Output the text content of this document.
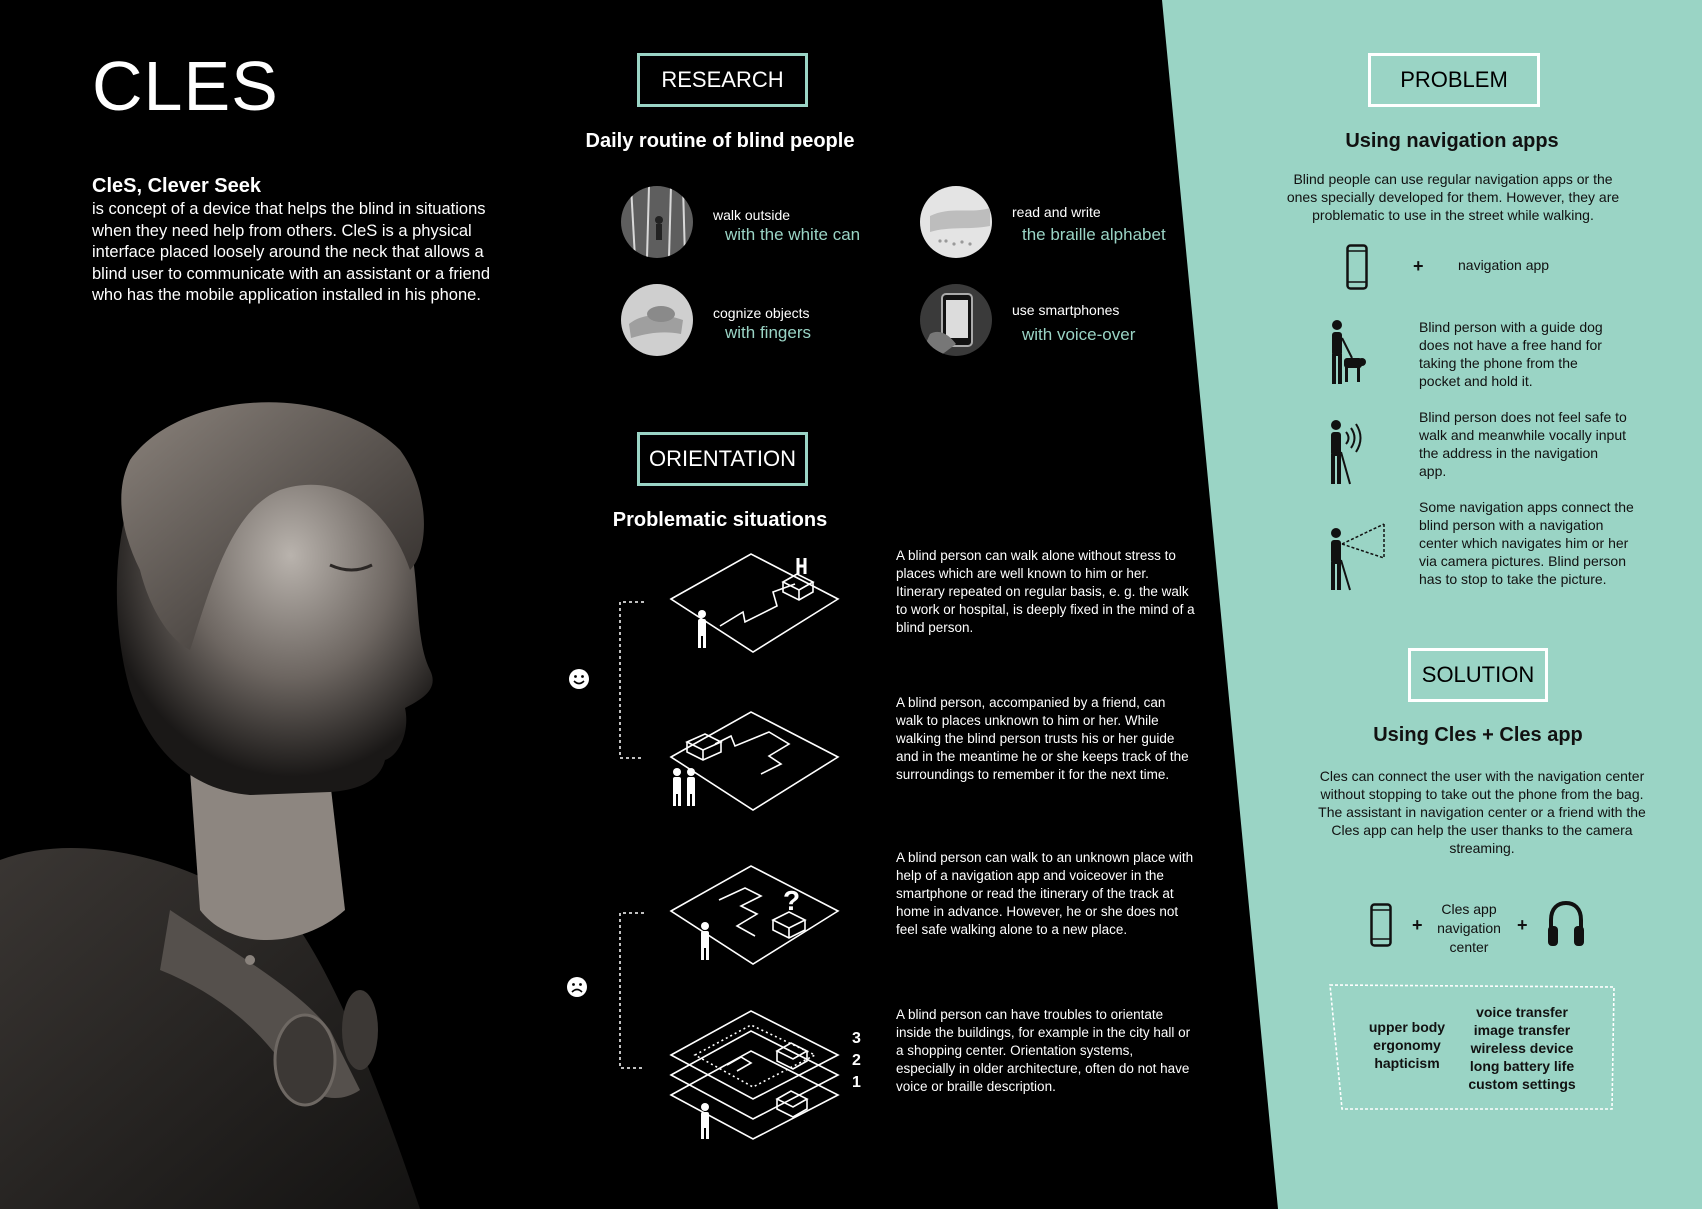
CLES
CleS, Clever Seek
is concept of a device that helps the blind in situations when they need help from others. CleS is a physical interface placed loosely around the neck that allows a blind user to communicate with an assistant or a friend who has the mobile application installed in his phone.
RESEARCH
Daily routine of blind people
walk outside
with the white can
read and write
the braille alphabet
cognize objects
with fingers
use smartphones
with voice-over
ORIENTATION
Problematic situations
?
3
2
1
A blind person can walk alone without stress to places which are well known to him or her. Itinerary repeated on regular basis, e. g. the walk to work or hospital, is deeply fixed in the mind of a blind person.
A blind person, accompanied by a friend, can walk to places unknown to him or her. While walking the blind person trusts his or her guide and in the meantime he or she keeps track of the surroundings to remember it for the next time.
A blind person can walk to an unknown place with help of a navigation app and voiceover in the smartphone or read the itinerary of the track at home in advance. However, he or she does not feel safe walking alone to a new place.
A blind person can have troubles to orientate inside the buildings, for example in the city hall or a shopping center. Orientation systems, especially in older architecture, often do not have voice or braille description.
PROBLEM
Using navigation apps
Blind people can use regular navigation apps or the ones specially developed for them. However, they are problematic to use in the street while walking.
+ navigation app
Blind person with a guide dog does not have a free hand for taking the phone from the pocket and hold it.
Blind person does not feel safe to walk and meanwhile vocally input the address in the navigation app.
Some navigation apps connect the blind person with a navigation center which navigates him or her via camera pictures. Blind person has to stop to take the picture.
SOLUTION
Using Cles + Cles app
Cles can connect the user with the navigation center without stopping to take out the phone from the bag. The assistant in navigation center or a friend with the Cles app can help the user thanks to the camera streaming.
+
Cles app
navigation
center
+
upper body
ergonomy
hapticism
voice transfer
image transfer
wireless device
long battery life
custom settings
